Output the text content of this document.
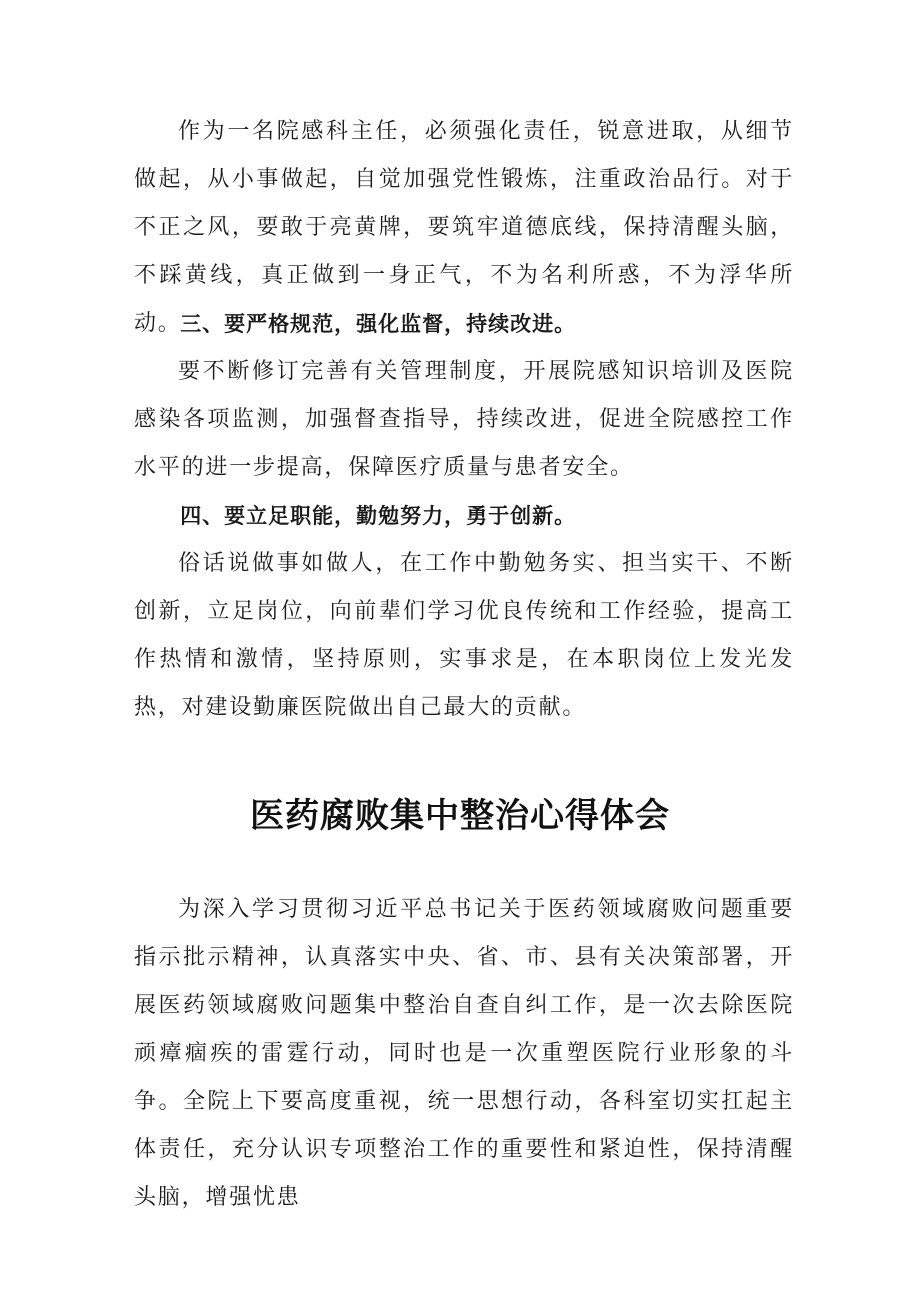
作为一名院感科主任，必须强化责任，锐意进取，从细节做起，从小事做起，自觉加强党性锻炼，注重政治品行。对于不正之风，要敢于亮黄牌，要筑牢道德底线，保持清醒头脑，不踩黄线，真正做到一身正气，不为名利所惑，不为浮华所动。

三、要严格规范，强化监督，持续改进。

要不断修订完善有关管理制度，开展院感知识培训及医院感染各项监测，加强督查指导，持续改进，促进全院感控工作水平的进一步提高，保障医疗质量与患者安全。

四、要立足职能，勤勉努力，勇于创新。

俗话说做事如做人，在工作中勤勉务实、担当实干、不断创新，立足岗位，向前辈们学习优良传统和工作经验，提高工作热情和激情，坚持原则，实事求是，在本职岗位上发光发热，对建设勤廉医院做出自己最大的贡献。

医药腐败集中整治心得体会

为深入学习贯彻习近平总书记关于医药领域腐败问题重要指示批示精神，认真落实中央、省、市、县有关决策部署，开展医药领域腐败问题集中整治自查自纠工作，是一次去除医院顽瘴痼疾的雷霆行动，同时也是一次重塑医院行业形象的斗争。全院上下要高度重视，统一思想行动，各科室切实扛起主体责任，充分认识专项整治工作的重要性和紧迫性，保持清醒头脑，增强忧患
